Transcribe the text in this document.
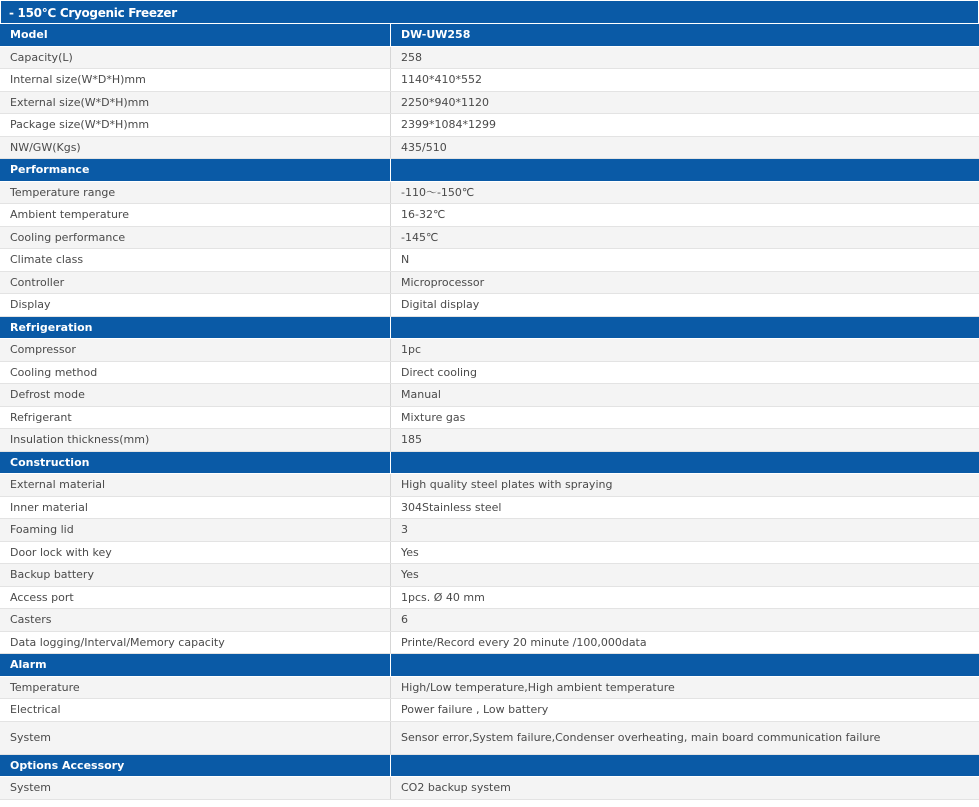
- 150℃ Cryogenic Freezer
Model	DW-UW258
Capacity(L)	258
Internal size(W*D*H)mm	1140*410*552
External size(W*D*H)mm	2250*940*1120
Package size(W*D*H)mm	2399*1084*1299
NW/GW(Kgs)	435/510
Performance
Temperature range	-110～-150℃
Ambient temperature	16-32℃
Cooling performance	-145℃
Climate class	N
Controller	Microprocessor
Display	Digital display
Refrigeration
Compressor	1pc
Cooling method	Direct cooling
Defrost mode	Manual
Refrigerant	Mixture gas
Insulation thickness(mm)	185
Construction
External material	High quality steel plates with spraying
Inner material	304Stainless steel
Foaming lid	3
Door lock with key	Yes
Backup battery	Yes
Access port	1pcs. Ø 40 mm
Casters	6
Data logging/Interval/Memory capacity	Printe/Record every 20 minute /100,000data
Alarm
Temperature	High/Low temperature,High ambient temperature
Electrical	Power failure , Low battery
System	Sensor error,System failure,Condenser overheating, main board communication failure
Options Accessory
System	CO2 backup system
